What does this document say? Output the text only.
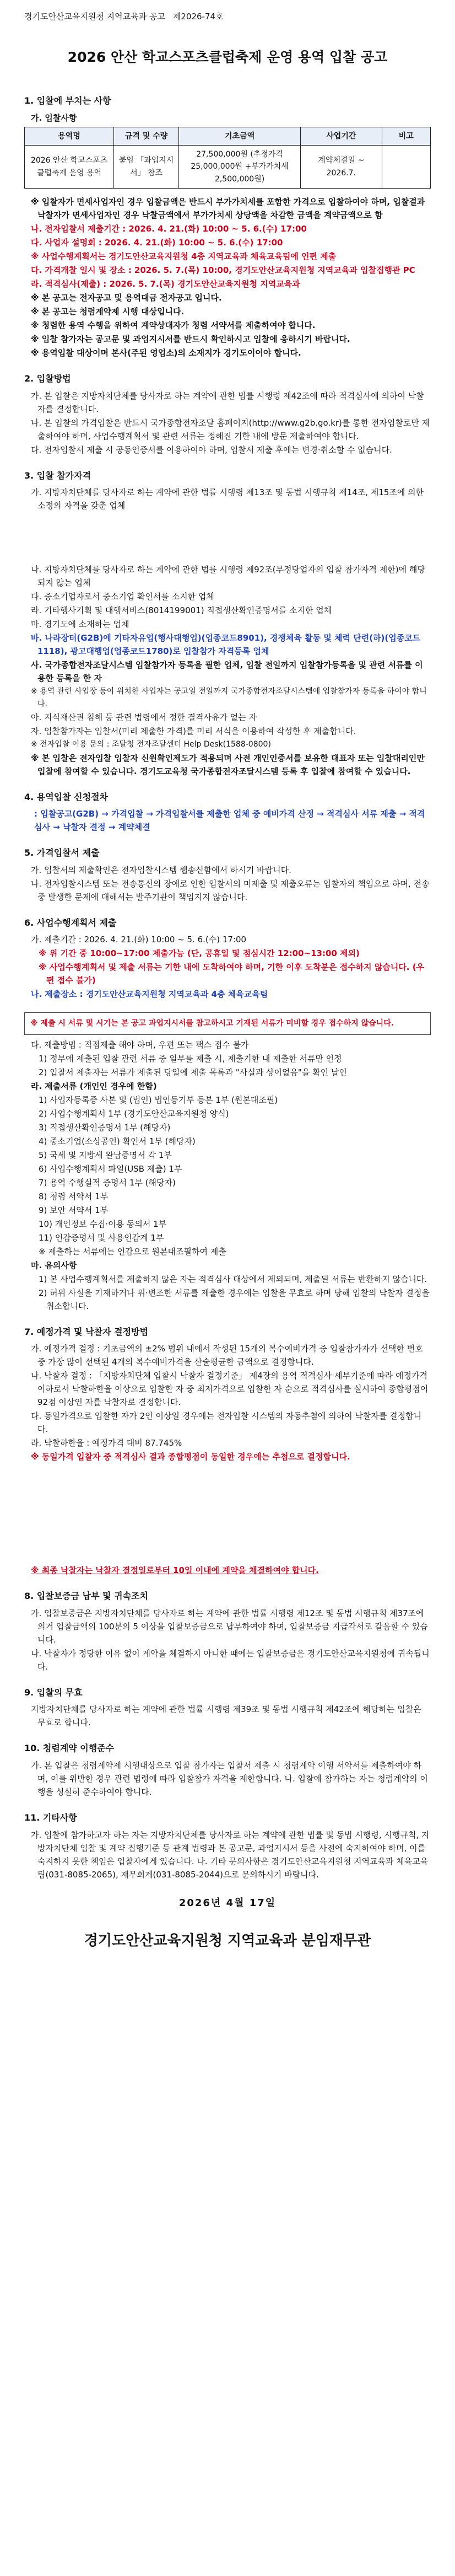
경기도안산교육지원청 지역교육과 공고 제2026-74호
2026 안산 학교스포츠클럽축제 운영 용역 입찰 공고
1. 입찰에 부치는 사항
가. 입찰사항
용역명	규격 및 수량	기초금액	사업기간	비고
2026 안산 학교스포츠클럽축제 운영 용역	붙임 「과업지시서」 참조	27,500,000원 (추정가격 25,000,000원 +부가가치세 2,500,000원)	계약체결일 ~ 2026.7.	

※ 입찰자가 면세사업자인 경우 입찰금액은 반드시 부가가치세를 포함한 가격으로 입찰하여야 하며, 입찰결과 낙찰자가 면세사업자인 경우 낙찰금액에서 부가가치세 상당액을 차감한 금액을 계약금액으로 함

나. 전자입찰서 제출기간 : 2026. 4. 21.(화) 10:00 ~ 5. 6.(수) 17:00

다. 사업자 설명회 : 2026. 4. 21.(화) 10:00 ~ 5. 6.(수) 17:00

※ 사업수행계획서는 경기도안산교육지원청 4층 지역교육과 체육교육팀에 인편 제출

다. 가격개찰 일시 및 장소 : 2026. 5. 7.(목) 10:00, 경기도안산교육지원청 지역교육과 입찰집행관 PC

라. 적격심사(제출) : 2026. 5. 7.(목) 경기도안산교육지원청 지역교육과

※ 본 공고는 전자공고 및 용역대금 전자공고 입니다.

※ 본 공고는 청렴계약제 시행 대상입니다.

※ 청렴한 용역 수행을 위하여 계약상대자가 청렴 서약서를 제출하여야 합니다.

※ 입찰 참가자는 공고문 및 과업지시서를 반드시 확인하시고 입찰에 응하시기 바랍니다.

※ 용역입찰 대상이며 본사(주된 영업소)의 소재지가 경기도이어야 합니다.

2. 입찰방법

가. 본 입찰은 지방자치단체를 당사자로 하는 계약에 관한 법률 시행령 제42조에 따라 적격심사에 의하여 낙찰자를 결정합니다.

나. 본 입찰의 가격입찰은 반드시 국가종합전자조달 홈페이지(http://www.g2b.go.kr)를 통한 전자입찰로만 제출하여야 하며, 사업수행계획서 및 관련 서류는 정해진 기한 내에 방문 제출하여야 합니다.

다. 전자입찰서 제출 시 공동인증서를 이용하여야 하며, 입찰서 제출 후에는 변경·취소할 수 없습니다.

3. 입찰 참가자격

가. 지방자치단체를 당사자로 하는 계약에 관한 법률 시행령 제13조 및 동법 시행규칙 제14조, 제15조에 의한 소정의 자격을 갖춘 업체

나. 지방자치단체를 당사자로 하는 계약에 관한 법률 시행령 제92조(부정당업자의 입찰 참가자격 제한)에 해당되지 않는 업체

다. 중소기업자로서 중소기업 확인서를 소지한 업체

라. 기타행사기획 및 대행서비스(8014199001) 직접생산확인증명서를 소지한 업체

마. 경기도에 소재하는 업체

바. 나라장터(G2B)에 기타자유업(행사대행업)(업종코드8901), 경쟁체육 활동 및 체력 단련(하)(업종코드1118), 광고대행업(업종코드1780)로 입찰참가 자격등록 업체

사. 국가종합전자조달시스템 입찰참가자 등록을 필한 업체, 입찰 전일까지 입찰참가등록을 및 관련 서류를 이용한 등록을 한 자

※ 용역 관련 사업장 등이 위치한 사업자는 공고일 전일까지 국가종합전자조달시스템에 입찰참가자 등록을 하여야 합니다.

아. 지식재산권 침해 등 관련 법령에서 정한 결격사유가 없는 자

자. 입찰참가자는 입찰서(미리 제출한 가격)를 미리 서식을 이용하여 작성한 후 제출합니다.

※ 전자입찰 이용 문의 : 조달청 전자조달센터 Help Desk(1588-0800)

※ 본 입찰은 전자입찰 입찰자 신원확인제도가 적용되며 사전 개인인증서를 보유한 대표자 또는 입찰대리인만 입찰에 참여할 수 있습니다. 경기도교육청 국가종합전자조달시스템 등록 후 입찰에 참여할 수 있습니다.

4. 용역입찰 신청절차

: 입찰공고(G2B) → 가격입찰 → 가격입찰서를 제출한 업체 중 예비가격 산정 → 적격심사 서류 제출 → 적격심사 → 낙찰자 결정 → 계약체결

5. 가격입찰서 제출

가. 입찰서의 제출확인은 전자입찰시스템 웹송신함에서 하시기 바랍니다.

나. 전자입찰시스템 또는 전송통신의 장애로 인한 입찰서의 미제출 및 제출오류는 입찰자의 책임으로 하며, 전송 중 발생한 문제에 대해서는 발주기관이 책임지지 않습니다.

6. 사업수행계획서 제출

가. 제출기간 : 2026. 4. 21.(화) 10:00 ~ 5. 6.(수) 17:00

※ 위 기간 중 10:00~17:00 제출가능 (단, 공휴일 및 점심시간 12:00~13:00 제외)

※ 사업수행계획서 및 제출 서류는 기한 내에 도착하여야 하며, 기한 이후 도착분은 접수하지 않습니다. (우편 접수 불가)

나. 제출장소 : 경기도안산교육지원청 지역교육과 4층 체육교육팀

※ 제출 시 서류 및 시기는 본 공고 과업지시서를 참고하시고 기재된 서류가 미비할 경우 접수하지 않습니다.

다. 제출방법 : 직접제출 해야 하며, 우편 또는 팩스 접수 불가

1) 정부에 제출된 입찰 관련 서류 중 일부를 제출 시, 제출기한 내 제출한 서류만 인정

2) 입찰서 제출자는 서류가 제출된 당일에 제출 목록과 "사실과 상이없음"을 확인 날인

라. 제출서류 (개인인 경우에 한함)

1) 사업자등록증 사본 및 (법인) 법인등기부 등본 1부 (원본대조필)

2) 사업수행계획서 1부 (경기도안산교육지원청 양식)

3) 직접생산확인증명서 1부 (해당자)

4) 중소기업(소상공인) 확인서 1부 (해당자)

5) 국세 및 지방세 완납증명서 각 1부

6) 사업수행계획서 파일(USB 제출) 1부

7) 용역 수행실적 증명서 1부 (해당자)

8) 청렴 서약서 1부

9) 보안 서약서 1부

10) 개인정보 수집·이용 동의서 1부

11) 인감증명서 및 사용인감계 1부

※ 제출하는 서류에는 인감으로 원본대조필하여 제출

마. 유의사항

1) 본 사업수행계획서를 제출하지 않은 자는 적격심사 대상에서 제외되며, 제출된 서류는 반환하지 않습니다.

2) 허위 사실을 기재하거나 위·변조한 서류를 제출한 경우에는 입찰을 무효로 하며 당해 입찰의 낙찰자 결정을 취소합니다.

7. 예정가격 및 낙찰자 결정방법

가. 예정가격 결정 : 기초금액의 ±2% 범위 내에서 작성된 15개의 복수예비가격 중 입찰참가자가 선택한 번호 중 가장 많이 선택된 4개의 복수예비가격을 산술평균한 금액으로 결정합니다.

나. 낙찰자 결정 : 「지방자치단체 입찰시 낙찰자 결정기준」 제4장의 용역 적격심사 세부기준에 따라 예정가격 이하로서 낙찰하한율 이상으로 입찰한 자 중 최저가격으로 입찰한 자 순으로 적격심사를 실시하여 종합평점이 92점 이상인 자를 낙찰자로 결정합니다.

다. 동일가격으로 입찰한 자가 2인 이상일 경우에는 전자입찰 시스템의 자동추첨에 의하여 낙찰자를 결정합니다.

라. 낙찰하한율 : 예정가격 대비 87.745%

※ 동일가격 입찰자 중 적격심사 결과 종합평점이 동일한 경우에는 추첨으로 결정합니다.

※ 최종 낙찰자는 낙찰자 결정일로부터 10일 이내에 계약을 체결하여야 합니다.

8. 입찰보증금 납부 및 귀속조치

가. 입찰보증금은 지방자치단체를 당사자로 하는 계약에 관한 법률 시행령 제12조 및 동법 시행규칙 제37조에 의거 입찰금액의 100분의 5 이상을 입찰보증금으로 납부하여야 하며, 입찰보증금 지급각서로 갈음할 수 있습니다.

나. 낙찰자가 정당한 이유 없이 계약을 체결하지 아니한 때에는 입찰보증금은 경기도안산교육지원청에 귀속됩니다.

9. 입찰의 무효

지방자치단체를 당사자로 하는 계약에 관한 법률 시행령 제39조 및 동법 시행규칙 제42조에 해당하는 입찰은 무효로 합니다.

10. 청렴계약 이행준수

가. 본 입찰은 청렴계약제 시행대상으로 입찰 참가자는 입찰서 제출 시 청렴계약 이행 서약서를 제출하여야 하며, 이를 위반한 경우 관련 법령에 따라 입찰참가 자격을 제한합니다. 나. 입찰에 참가하는 자는 청렴계약의 이행을 성실히 준수하여야 합니다.

11. 기타사항

가. 입찰에 참가하고자 하는 자는 지방자치단체를 당사자로 하는 계약에 관한 법률 및 동법 시행령, 시행규칙, 지방자치단체 입찰 및 계약 집행기준 등 관계 법령과 본 공고문, 과업지시서 등을 사전에 숙지하여야 하며, 이를 숙지하지 못한 책임은 입찰자에게 있습니다. 나. 기타 문의사항은 경기도안산교육지원청 지역교육과 체육교육팀(031-8085-2065), 재무회계(031-8085-2044)으로 문의하시기 바랍니다.

2026년 4월 17일
경기도안산교육지원청 지역교육과 분임재무관
